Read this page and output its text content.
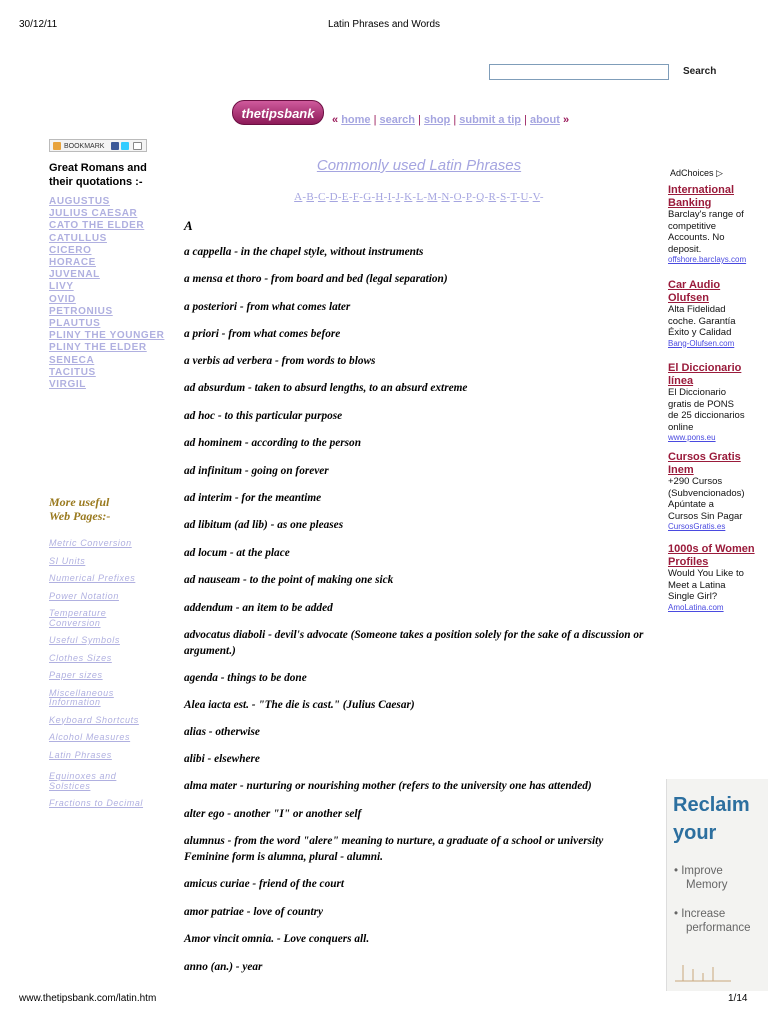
30/12/11	Latin Phrases and Words
www.thetipsbank.com/latin.htm	1/14
Search
thetipsbank	« home | search | shop | submit a tip | about »
BOOKMARK
Great Romans and their quotations :-
AUGUSTUS
JULIUS CAESAR
CATO THE ELDER
CATULLUS
CICERO
HORACE
JUVENAL
LIVY
OVID
PETRONIUS
PLAUTUS
PLINY THE YOUNGER
PLINY THE ELDER
SENECA
TACITUS
VIRGIL
More useful
Web Pages:-
Metric Conversion
SI Units
Numerical Prefixes
Power Notation
Temperature Conversion
Useful Symbols
Clothes Sizes
Paper sizes
Miscellaneous Information
Keyboard Shortcuts
Alcohol Measures
Latin Phrases
Equinoxes and Solstices
Fractions to Decimal
Commonly used Latin Phrases
A-B-C-D-E-F-G-H-I-J-K-L-M-N-O-P-Q-R-S-T-U-V-
A
a cappella - in the chapel style, without instruments
a mensa et thoro - from board and bed (legal separation)
a posteriori - from what comes later
a priori - from what comes before
a verbis ad verbera - from words to blows
ad absurdum - taken to absurd lengths, to an absurd extreme
ad hoc - to this particular purpose
ad hominem - according to the person
ad infinitum - going on forever
ad interim - for the meantime
ad libitum (ad lib) - as one pleases
ad locum - at the place
ad nauseam - to the point of making one sick
addendum - an item to be added
advocatus diaboli - devil's advocate (Someone takes a position solely for the sake of a discussion or argument.)
agenda - things to be done
Alea iacta est. - "The die is cast." (Julius Caesar)
alias - otherwise
alibi - elsewhere
alma mater - nurturing or nourishing mother (refers to the university one has attended)
alter ego - another "I" or another self
alumnus - from the word "alere" meaning to nurture, a graduate of a school or university Feminine form is alumna, plural - alumni.
amicus curiae - friend of the court
amor patriae - love of country
Amor vincit omnia. - Love conquers all.
anno (an.) - year
AdChoices ▷
International
Banking
Barclay's range of
competitive
Accounts. No
deposit.
offshore.barclays.com
Car Audio
Olufsen
Alta Fidelidad
coche. Garantía
Éxito y Calidad
Bang-Olufsen.com
El Diccionario
línea
El Diccionario
gratis de PONS
de 25 diccionarios
online
www.pons.eu
Cursos Gratis
Inem
+290 Cursos
(Subvencionados)
Apúntate a
Cursos Sin Pagar
CursosGratis.es
1000s of Women
Profiles
Would You Like to
Meet a Latina
Single Girl?
AmoLatina.com
Reclaim
your
• Improve
Memory
• Increase
performance
